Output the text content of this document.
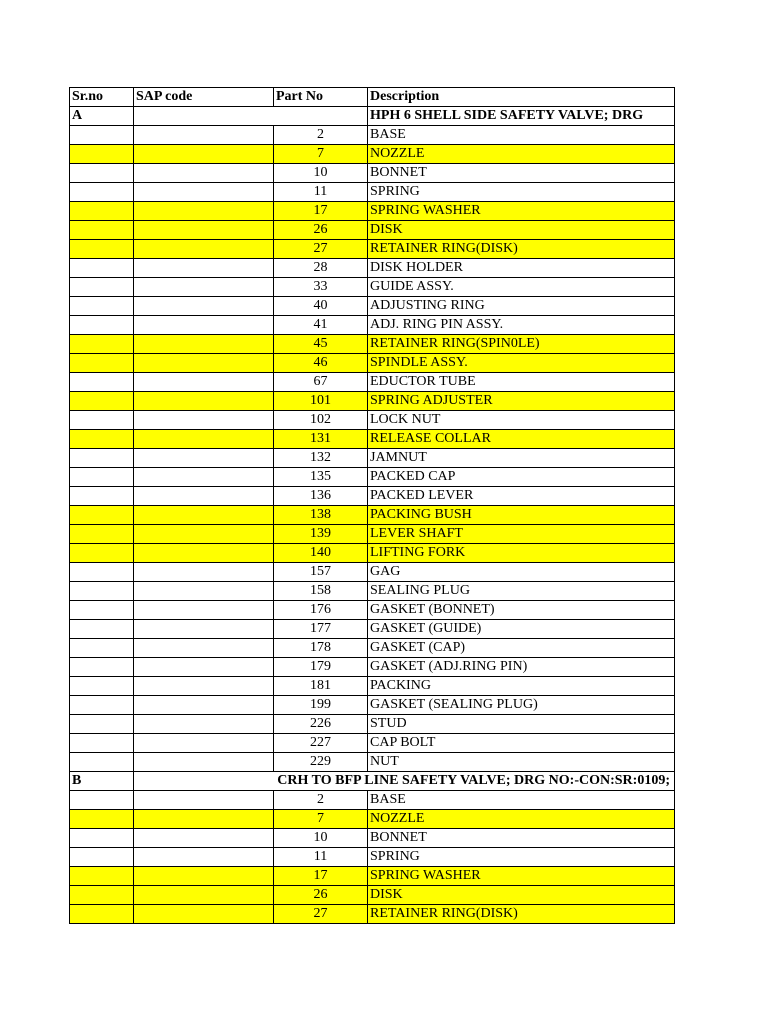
Sr.no	SAP code	Part No	Description
A			HPH 6 SHELL SIDE SAFETY VALVE; DRG
		2	BASE
		7	NOZZLE
		10	BONNET
		11	SPRING
		17	SPRING WASHER
		26	DISK
		27	RETAINER RING(DISK)
		28	DISK HOLDER
		33	GUIDE ASSY.
		40	ADJUSTING RING
		41	ADJ. RING PIN ASSY.
		45	RETAINER RING(SPIN0LE)
		46	SPINDLE ASSY.
		67	EDUCTOR TUBE
		101	SPRING ADJUSTER
		102	LOCK NUT
		131	RELEASE COLLAR
		132	JAMNUT
		135	PACKED CAP
		136	PACKED LEVER
		138	PACKING BUSH
		139	LEVER SHAFT
		140	LIFTING FORK
		157	GAG
		158	SEALING PLUG
		176	GASKET (BONNET)
		177	GASKET (GUIDE)
		178	GASKET (CAP)
		179	GASKET (ADJ.RING PIN)
		181	PACKING
		199	GASKET (SEALING PLUG)
		226	STUD
		227	CAP BOLT
		229	NUT
B	CRH TO BFP LINE SAFETY VALVE; DRG NO:-CON:SR:0109;		
		2	BASE
		7	NOZZLE
		10	BONNET
		11	SPRING
		17	SPRING WASHER
		26	DISK
		27	RETAINER RING(DISK)
